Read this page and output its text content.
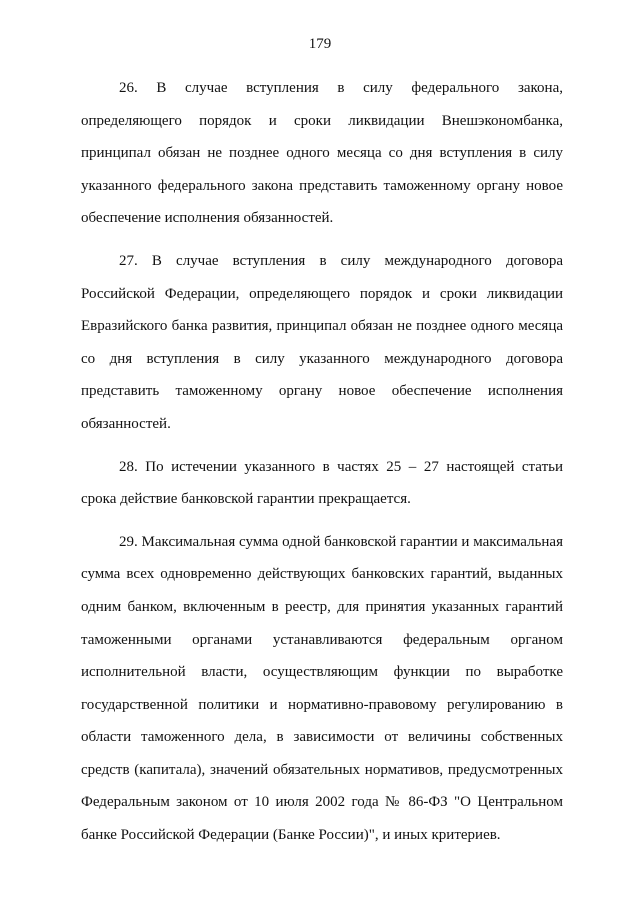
179

26. В случае вступления в силу федерального закона, определяющего порядок и сроки ликвидации Внешэкономбанка, принципал обязан не позднее одного месяца со дня вступления в силу указанного федерального закона представить таможенному органу новое обеспечение исполнения обязанностей.

27. В случае вступления в силу международного договора Российской Федерации, определяющего порядок и сроки ликвидации Евразийского банка развития, принципал обязан не позднее одного месяца со дня вступления в силу указанного международного договора представить таможенному органу новое обеспечение исполнения обязанностей.

28. По истечении указанного в частях 25 – 27 настоящей статьи срока действие банковской гарантии прекращается.

29. Максимальная сумма одной банковской гарантии и максимальная сумма всех одновременно действующих банковских гарантий, выданных одним банком, включенным в реестр, для принятия указанных гарантий таможенными органами устанавливаются федеральным органом исполнительной власти, осуществляющим функции по выработке государственной политики и нормативно-правовому регулированию в области таможенного дела, в зависимости от величины собственных средств (капитала), значений обязательных нормативов, предусмотренных Федеральным законом от 10 июля 2002 года № 86-ФЗ "О Центральном банке Российской Федерации (Банке России)", и иных критериев.
